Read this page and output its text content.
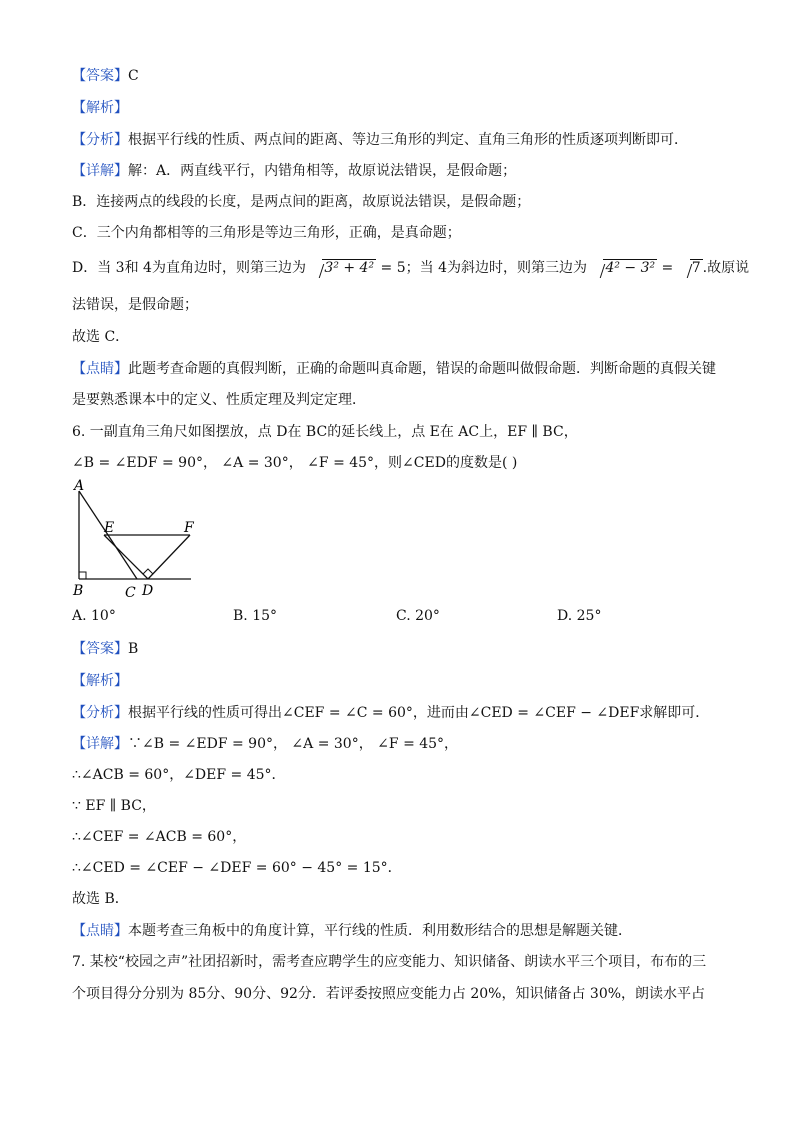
【答案】C
【解析】
【分析】根据平行线的性质、两点间的距离、等边三角形的判定、直角三角形的性质逐项判断即可．
【详解】解：A．两直线平行，内错角相等，故原说法错误，是假命题；
B．连接两点的线段的长度，是两点间的距离，故原说法错误，是假命题；
C．三个内角都相等的三角形是等边三角形，正确，是真命题；
D．当 3和 4为直角边时，则第三边为 3² + 4² = 5；当 4为斜边时，则第三边为 4² − 3² = 7 .故原说
法错误，是假命题；
故选 C．
【点睛】此题考查命题的真假判断，正确的命题叫真命题，错误的命题叫做假命题．判断命题的真假关键
是要熟悉课本中的定义、性质定理及判定定理．
6. 一副直角三角尺如图摆放，点 D在 BC的延长线上，点 E在 AC上，EF ∥ BC，
∠B = ∠EDF = 90°， ∠A = 30°， ∠F = 45°，则∠CED的度数是( )
A
B	C D
E	F
A. 10°	B. 15°	C. 20°	D. 25°
【答案】B
【解析】
【分析】根据平行线的性质可得出∠CEF = ∠C = 60°，进而由∠CED = ∠CEF − ∠DEF求解即可．
【详解】∵∠B = ∠EDF = 90°， ∠A = 30°， ∠F = 45°，
∴∠ACB = 60°，∠DEF = 45°．
∵ EF ∥ BC，
∴∠CEF = ∠ACB = 60°，
∴∠CED = ∠CEF − ∠DEF = 60° − 45° = 15°．
故选 B．
【点睛】本题考查三角板中的角度计算，平行线的性质．利用数形结合的思想是解题关键．
7. 某校“校园之声”社团招新时，需考查应聘学生的应变能力、知识储备、朗读水平三个项目，布布的三
个项目得分分别为 85分、90分、92分．若评委按照应变能力占 20%，知识储备占 30%，朗读水平占
